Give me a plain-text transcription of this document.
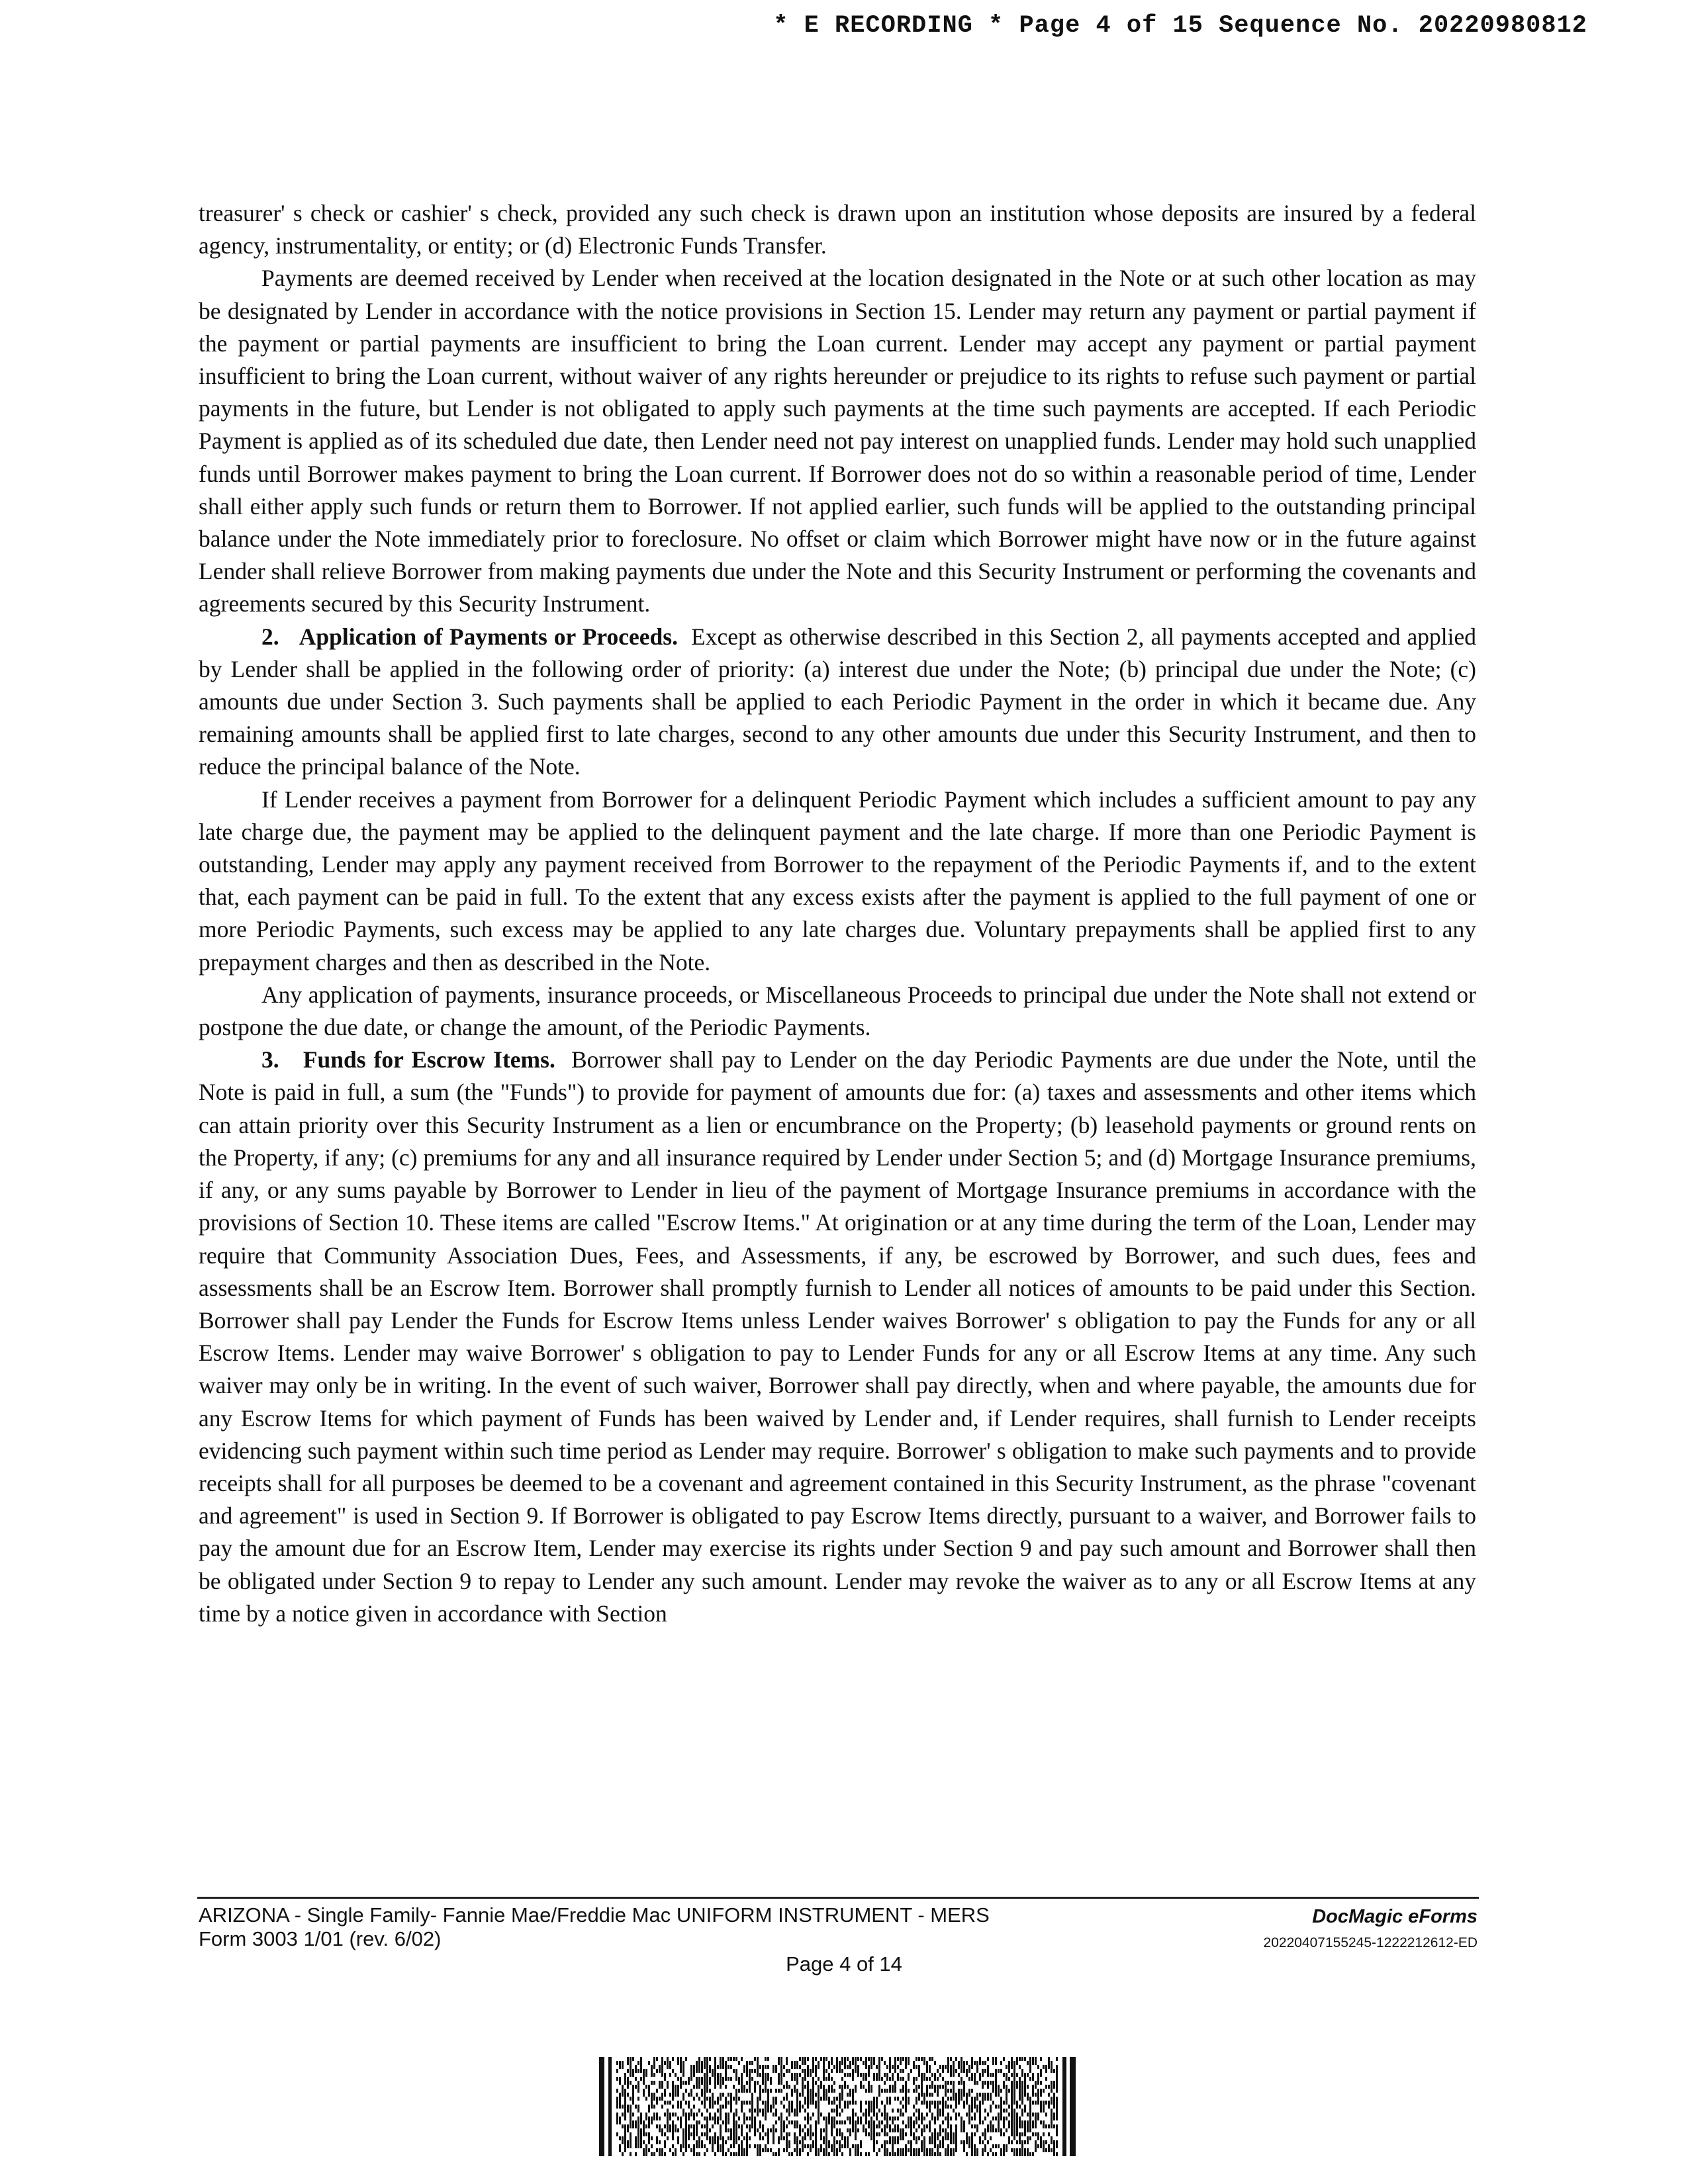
* E RECORDING * Page 4 of 15 Sequence No. 20220980812

treasurer' s check or cashier' s check, provided any such check is drawn upon an institution whose deposits are insured by a federal agency, instrumentality, or entity; or (d) Electronic Funds Transfer.

Payments are deemed received by Lender when received at the location designated in the Note or at such other location as may be designated by Lender in accordance with the notice provisions in Section 15. Lender may return any payment or partial payment if the payment or partial payments are insufficient to bring the Loan current. Lender may accept any payment or partial payment insufficient to bring the Loan current, without waiver of any rights hereunder or prejudice to its rights to refuse such payment or partial payments in the future, but Lender is not obligated to apply such payments at the time such payments are accepted. If each Periodic Payment is applied as of its scheduled due date, then Lender need not pay interest on unapplied funds. Lender may hold such unapplied funds until Borrower makes payment to bring the Loan current. If Borrower does not do so within a reasonable period of time, Lender shall either apply such funds or return them to Borrower. If not applied earlier, such funds will be applied to the outstanding principal balance under the Note immediately prior to foreclosure. No offset or claim which Borrower might have now or in the future against Lender shall relieve Borrower from making payments due under the Note and this Security Instrument or performing the covenants and agreements secured by this Security Instrument.

2. Application of Payments or Proceeds. Except as otherwise described in this Section 2, all payments accepted and applied by Lender shall be applied in the following order of priority: (a) interest due under the Note; (b) principal due under the Note; (c) amounts due under Section 3. Such payments shall be applied to each Periodic Payment in the order in which it became due. Any remaining amounts shall be applied first to late charges, second to any other amounts due under this Security Instrument, and then to reduce the principal balance of the Note.

If Lender receives a payment from Borrower for a delinquent Periodic Payment which includes a sufficient amount to pay any late charge due, the payment may be applied to the delinquent payment and the late charge. If more than one Periodic Payment is outstanding, Lender may apply any payment received from Borrower to the repayment of the Periodic Payments if, and to the extent that, each payment can be paid in full. To the extent that any excess exists after the payment is applied to the full payment of one or more Periodic Payments, such excess may be applied to any late charges due. Voluntary prepayments shall be applied first to any prepayment charges and then as described in the Note.

Any application of payments, insurance proceeds, or Miscellaneous Proceeds to principal due under the Note shall not extend or postpone the due date, or change the amount, of the Periodic Payments.

3. Funds for Escrow Items. Borrower shall pay to Lender on the day Periodic Payments are due under the Note, until the Note is paid in full, a sum (the "Funds") to provide for payment of amounts due for: (a) taxes and assessments and other items which can attain priority over this Security Instrument as a lien or encumbrance on the Property; (b) leasehold payments or ground rents on the Property, if any; (c) premiums for any and all insurance required by Lender under Section 5; and (d) Mortgage Insurance premiums, if any, or any sums payable by Borrower to Lender in lieu of the payment of Mortgage Insurance premiums in accordance with the provisions of Section 10. These items are called "Escrow Items." At origination or at any time during the term of the Loan, Lender may require that Community Association Dues, Fees, and Assessments, if any, be escrowed by Borrower, and such dues, fees and assessments shall be an Escrow Item. Borrower shall promptly furnish to Lender all notices of amounts to be paid under this Section. Borrower shall pay Lender the Funds for Escrow Items unless Lender waives Borrower' s obligation to pay the Funds for any or all Escrow Items. Lender may waive Borrower' s obligation to pay to Lender Funds for any or all Escrow Items at any time. Any such waiver may only be in writing. In the event of such waiver, Borrower shall pay directly, when and where payable, the amounts due for any Escrow Items for which payment of Funds has been waived by Lender and, if Lender requires, shall furnish to Lender receipts evidencing such payment within such time period as Lender may require. Borrower' s obligation to make such payments and to provide receipts shall for all purposes be deemed to be a covenant and agreement contained in this Security Instrument, as the phrase "covenant and agreement" is used in Section 9. If Borrower is obligated to pay Escrow Items directly, pursuant to a waiver, and Borrower fails to pay the amount due for an Escrow Item, Lender may exercise its rights under Section 9 and pay such amount and Borrower shall then be obligated under Section 9 to repay to Lender any such amount. Lender may revoke the waiver as to any or all Escrow Items at any time by a notice given in accordance with Section

ARIZONA - Single Family- Fannie Mae/Freddie Mac UNIFORM INSTRUMENT - MERS
Form 3003 1/01 (rev. 6/02)
DocMagic eForms
20220407155245-1222212612-ED
Page 4 of 14
